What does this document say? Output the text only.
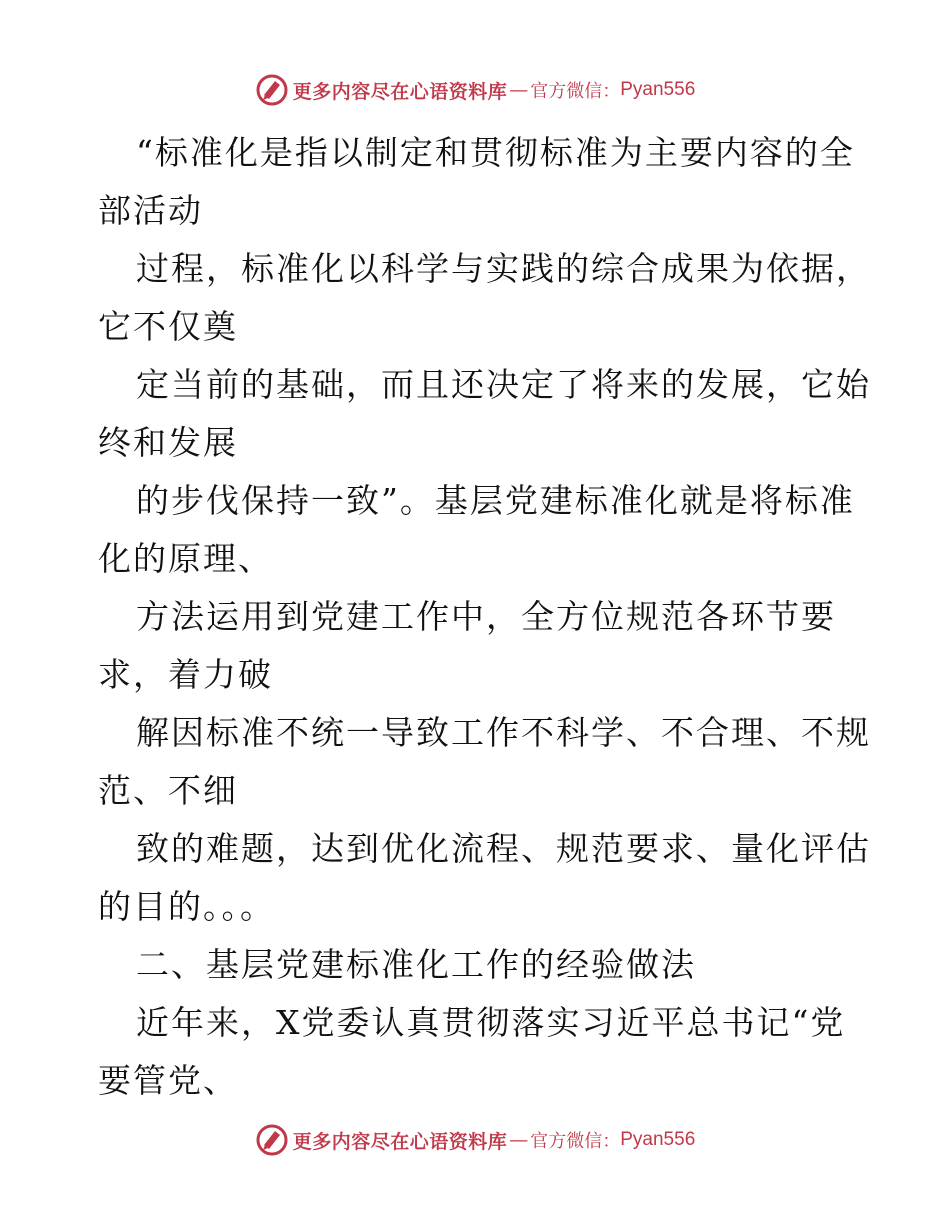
更多内容尽在心语资料库 — 官方微信： Pyan556
“标准化是指以制定和贯彻标准为主要内容的全
部活动
过程，标准化以科学与实践的综合成果为依据，
它不仅奠
定当前的基础，而且还决定了将来的发展，它始
终和发展
的步伐保持一致”。基层党建标准化就是将标准
化的原理、
方法运用到党建工作中，全方位规范各环节要
求，着力破
解因标准不统一导致工作不科学、不合理、不规
范、不细
致的难题，达到优化流程、规范要求、量化评估
的目的。。。
二、基层党建标准化工作的经验做法
近年来，X党委认真贯彻落实习近平总书记“党
要管党、
更多内容尽在心语资料库 — 官方微信： Pyan556
